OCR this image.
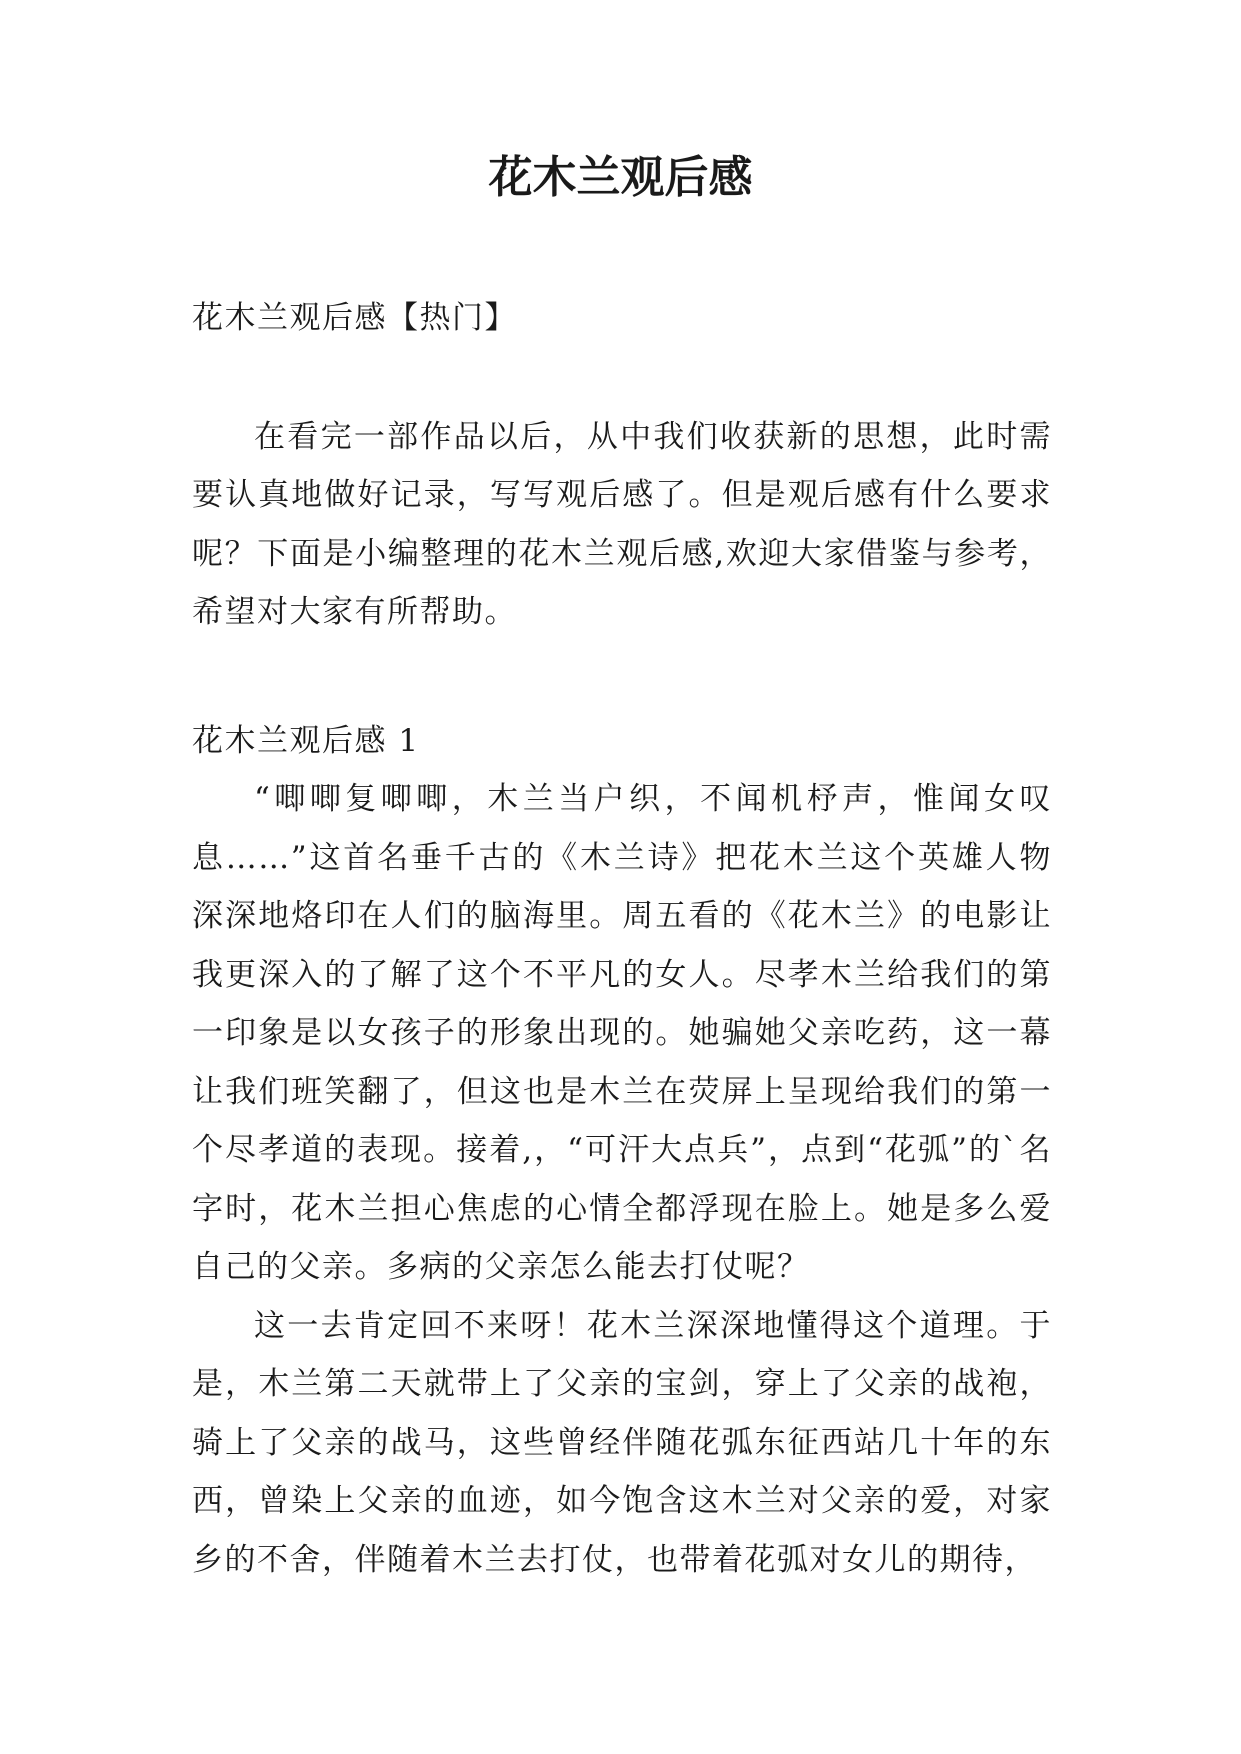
花木兰观后感

花木兰观后感【热门】

在看完一部作品以后，从中我们收获新的思想，此时需要认真地做好记录，写写观后感了。但是观后感有什么要求呢？下面是小编整理的花木兰观后感,欢迎大家借鉴与参考，希望对大家有所帮助。

花木兰观后感 1

“唧唧复唧唧，木兰当户织，不闻机杼声，惟闻女叹息……”这首名垂千古的《木兰诗》把花木兰这个英雄人物深深地烙印在人们的脑海里。周五看的《花木兰》的电影让我更深入的了解了这个不平凡的女人。尽孝木兰给我们的第一印象是以女孩子的形象出现的。她骗她父亲吃药，这一幕让我们班笑翻了，但这也是木兰在荧屏上呈现给我们的第一个尽孝道的表现。接着,，“可汗大点兵”，点到“花弧”的`名字时，花木兰担心焦虑的心情全都浮现在脸上。她是多么爱自己的父亲。多病的父亲怎么能去打仗呢？

这一去肯定回不来呀！花木兰深深地懂得这个道理。于是，木兰第二天就带上了父亲的宝剑，穿上了父亲的战袍，骑上了父亲的战马，这些曾经伴随花弧东征西站几十年的东西，曾染上父亲的血迹，如今饱含这木兰对父亲的爱，对家乡的不舍，伴随着木兰去打仗，也带着花弧对女儿的期待，
